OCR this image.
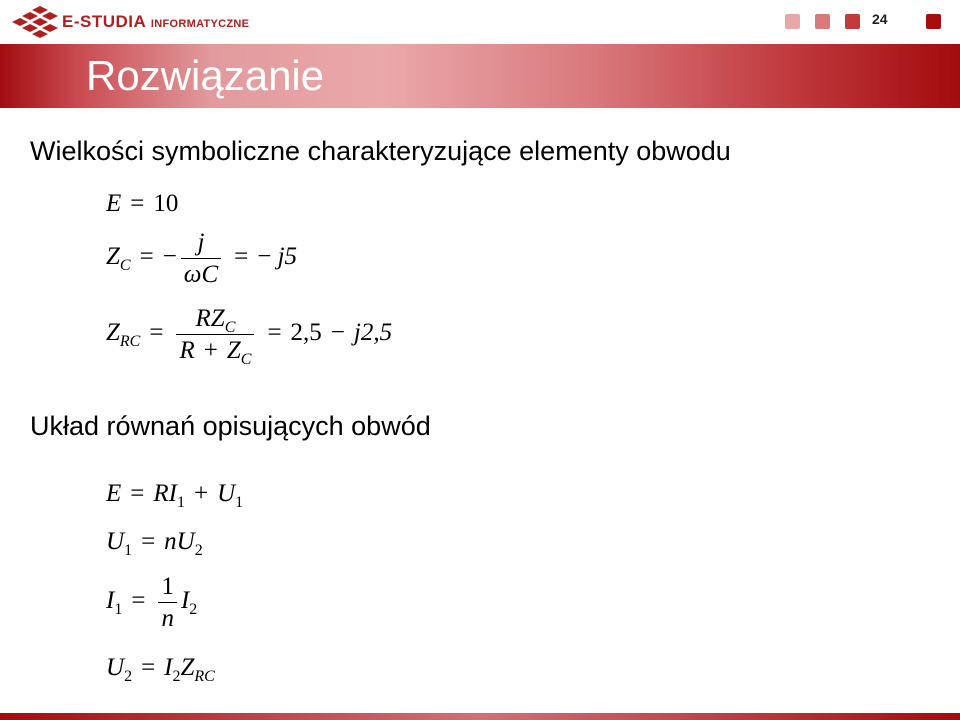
E-STUDIA INFORMATYCZNE	24
Rozwiązanie
Wielkości symboliczne charakteryzujące elementy obwodu
E = 10
$Z_C$ = − $\frac{j}{\omega C}$ = − j5
$Z_{RC} = \frac{RZ_C}{R + Z_C} = 2,5 - j2,5$
Układ równań opisujących obwód
$E = RI_1 + U_1$
$U_1 = nU_2$
$I_1 = \frac{1}{n} I_2$
$U_2 = I_2Z_{RC}$
